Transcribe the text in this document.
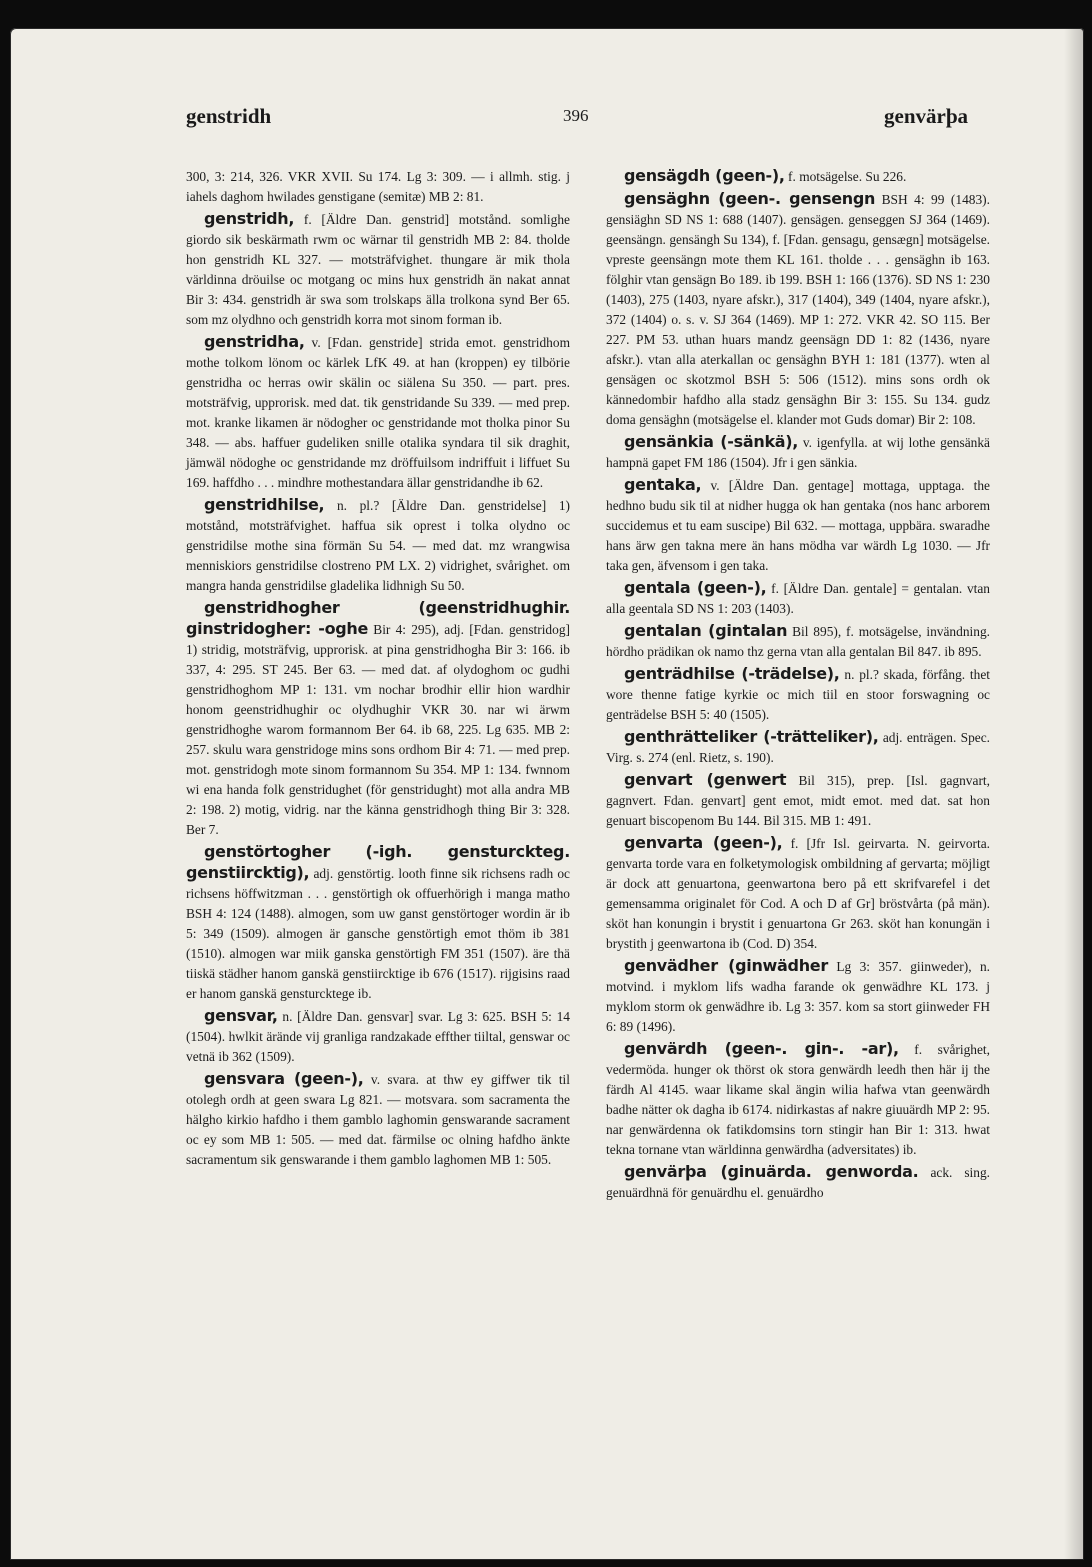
genstridh	396	genvärþa

300, 3: 214, 326. VKR XVII. Su 174. Lg 3: 309. — i allmh. stig. j iahels daghom hwilades genstigane (semitæ) MB 2: 81.

genstridh, f. [Äldre Dan. genstrid] motstånd. somlighe giordo sik beskärmath rwm oc wärnar til genstridh MB 2: 84. tholde hon genstridh KL 327. — motsträfvighet. thungare är mik thola världinna dröuilse oc motgang oc mins hux genstridh än nakat annat Bir 3: 434. genstridh är swa som trolskaps älla trolkona synd Ber 65. som mz olydhno och genstridh korra mot sinom forman ib.

genstridha, v. [Fdan. genstride] strida emot. genstridhom mothe tolkom lönom oc kärlek LfK 49. at han (kroppen) ey tilbörie genstridha oc herras owir skälin oc siälena Su 350. — part. pres. motsträfvig, upprorisk. med dat. tik genstridande Su 339. — med prep. mot. kranke likamen är nödogher oc genstridande mot tholka pinor Su 348. — abs. haffuer gudeliken snille otalika syndara til sik draghit, jämwäl nödoghe oc genstridande mz dröffuilsom indriffuit i liffuet Su 169. haffdho . . . mindhre mothestandara ällar genstridandhe ib 62.

genstridhilse, n. pl.? [Äldre Dan. genstridelse] 1) motstånd, motsträfvighet. haffua sik oprest i tolka olydno oc genstridilse mothe sina förmän Su 54. — med dat. mz wrangwisa menniskiors genstridilse clostreno PM LX. 2) vidrighet, svårighet. om mangra handa genstridilse gladelika lidhnigh Su 50.

genstridhogher (geenstridhughir. ginstridogher: -oghe Bir 4: 295), adj. [Fdan. genstridog] 1) stridig, motsträfvig, upprorisk. at pina genstridhogha Bir 3: 166. ib 337, 4: 295. ST 245. Ber 63. — med dat. af olydoghom oc gudhi genstridhoghom MP 1: 131. vm nochar brodhir ellir hion wardhir honom geenstridhughir oc olydhughir VKR 30. nar wi ärwm genstridhoghe warom formannom Ber 64. ib 68, 225. Lg 635. MB 2: 257. skulu wara genstridoge mins sons ordhom Bir 4: 71. — med prep. mot. genstridogh mote sinom formannom Su 354. MP 1: 134. fwnnom wi ena handa folk genstridughet (för genstridught) mot alla andra MB 2: 198. 2) motig, vidrig. nar the känna genstridhogh thing Bir 3: 328. Ber 7.

genstörtogher (-igh. gensturckteg. genstiircktig), adj. genstörtig. looth finne sik richsens radh oc richsens höffwitzman . . . genstörtigh ok offuerhörigh i manga matho BSH 4: 124 (1488). almogen, som uw ganst genstörtoger wordin är ib 5: 349 (1509). almogen är gansche genstörtigh emot thöm ib 381 (1510). almogen war miik ganska genstörtigh FM 351 (1507). äre thä tiiskä städher hanom ganskä genstiircktige ib 676 (1517). rijgisins raad er hanom ganskä gensturcktege ib.

gensvar, n. [Äldre Dan. gensvar] svar. Lg 3: 625. BSH 5: 14 (1504). hwlkit ärände vij granliga randzakade effther tiiltal, genswar oc vetnä ib 362 (1509).

gensvara (geen-), v. svara. at thw ey giffwer tik til otolegh ordh at geen swara Lg 821. — motsvara. som sacramenta the hälgho kirkio hafdho i them gamblo laghomin genswarande sacrament oc ey som MB 1: 505. — med dat. färmilse oc olning hafdho änkte sacramentum sik genswarande i them gamblo laghomen MB 1: 505.

gensägdh (geen-), f. motsägelse. Su 226.

gensäghn (geen-. gensengn BSH 4: 99 (1483). gensiäghn SD NS 1: 688 (1407). gensägen. genseggen SJ 364 (1469). geensängn. gensängh Su 134), f. [Fdan. gensagu, gensægn] motsägelse. vpreste geensängn mote them KL 161. tholde . . . gensäghn ib 163. fölghir vtan gensägn Bo 189. ib 199. BSH 1: 166 (1376). SD NS 1: 230 (1403), 275 (1403, nyare afskr.), 317 (1404), 349 (1404, nyare afskr.), 372 (1404) o. s. v. SJ 364 (1469). MP 1: 272. VKR 42. SO 115. Ber 227. PM 53. uthan huars mandz geensägn DD 1: 82 (1436, nyare afskr.). vtan alla aterkallan oc gensäghn BYH 1: 181 (1377). wten al gensägen oc skotzmol BSH 5: 506 (1512). mins sons ordh ok kännedombir hafdho alla stadz gensäghn Bir 3: 155. Su 134. gudz doma gensäghn (motsägelse el. klander mot Guds domar) Bir 2: 108.

gensänkia (-sänkä), v. igenfylla. at wij lothe gensänkä hampnä gapet FM 186 (1504). Jfr i gen sänkia.

gentaka, v. [Äldre Dan. gentage] mottaga, upptaga. the hedhno budu sik til at nidher hugga ok han gentaka (nos hanc arborem succidemus et tu eam suscipe) Bil 632. — mottaga, uppbära. swaradhe hans ärw gen takna mere än hans mödha var wärdh Lg 1030. — Jfr taka gen, äfvensom i gen taka.

gentala (geen-), f. [Äldre Dan. gentale] = gentalan. vtan alla geentala SD NS 1: 203 (1403).

gentalan (gintalan Bil 895), f. motsägelse, invändning. hördho prädikan ok namo thz gerna vtan alla gentalan Bil 847. ib 895.

genträdhilse (-trädelse), n. pl.? skada, förfång. thet wore thenne fatige kyrkie oc mich tiil en stoor forswagning oc genträdelse BSH 5: 40 (1505).

genthrätteliker (-trätteliker), adj. enträgen. Spec. Virg. s. 274 (enl. Rietz, s. 190).

genvart (genwert Bil 315), prep. [Isl. gagnvart, gagnvert. Fdan. genvart] gent emot, midt emot. med dat. sat hon genuart biscopenom Bu 144. Bil 315. MB 1: 491.

genvarta (geen-), f. [Jfr Isl. geirvarta. N. geirvorta. genvarta torde vara en folketymologisk ombildning af gervarta; möjligt är dock att genuartona, geenwartona bero på ett skrifvarefel i det gemensamma originalet för Cod. A och D af Gr] bröstvårta (på män). sköt han konungin i brystit i genuartona Gr 263. sköt han konungän i brystith j geenwartona ib (Cod. D) 354.

genvädher (ginwädher Lg 3: 357. giinweder), n. motvind. i myklom lifs wadha farande ok genwädhre KL 173. j myklom storm ok genwädhre ib. Lg 3: 357. kom sa stort giinweder FH 6: 89 (1496).

genvärdh (geen-. gin-. -ar), f. svårighet, vedermöda. hunger ok thörst ok stora genwärdh leedh then här ij the färdh Al 4145. waar likame skal ängin wilia hafwa vtan geenwärdh badhe nätter ok dagha ib 6174. nidirkastas af nakre giuuärdh MP 2: 95. nar genwärdenna ok fatikdomsins torn stingir han Bir 1: 313. hwat tekna tornane vtan wärldinna genwärdha (adversitates) ib.

genvärþa (ginuärda. genworda. ack. sing. genuärdhnä för genuärdhu el. genuärdho
